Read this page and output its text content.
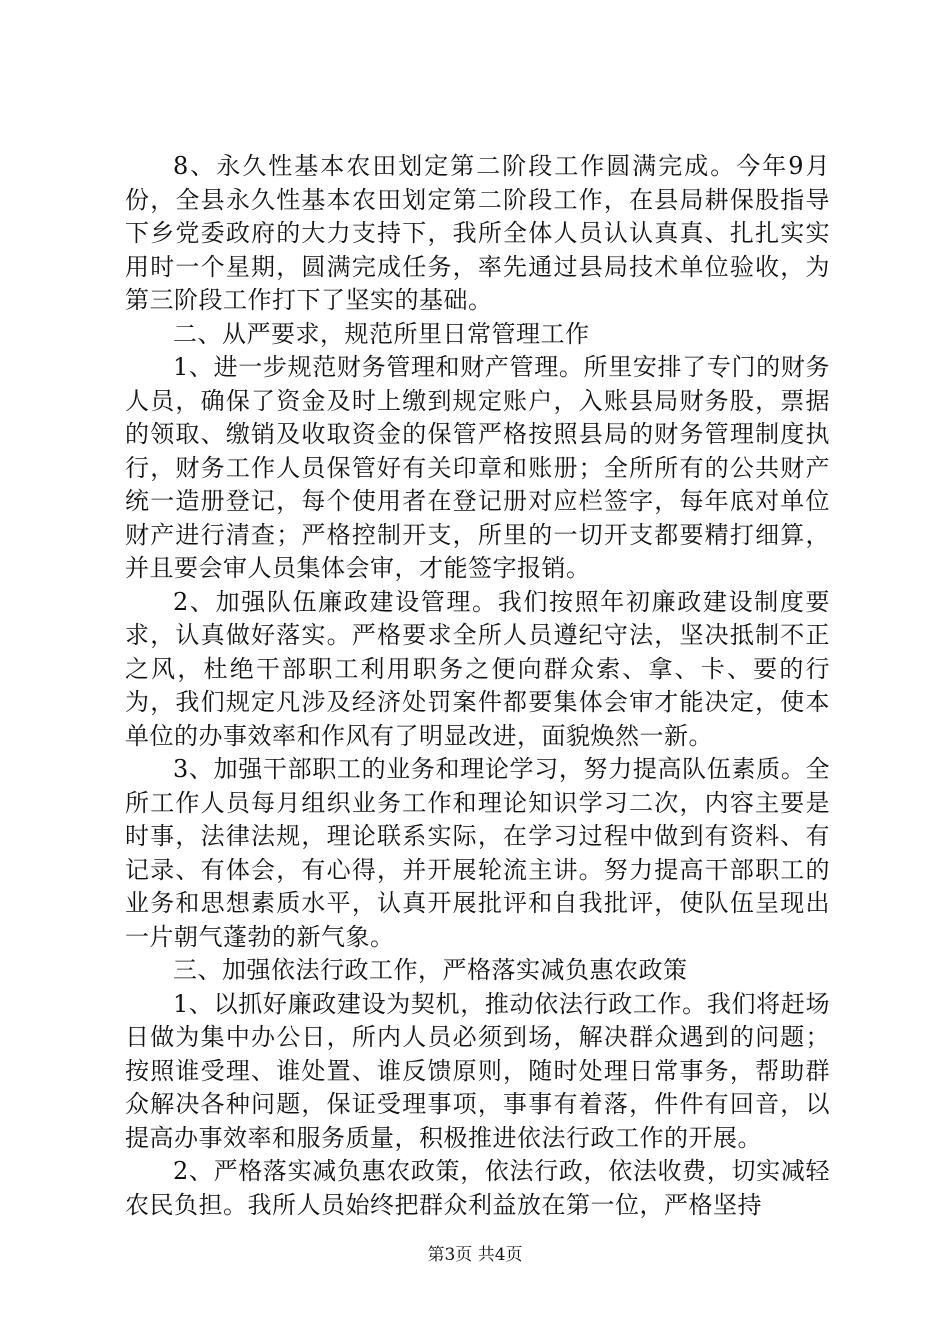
8、永久性基本农田划定第二阶段工作圆满完成。今年9月份，全县永久性基本农田划定第二阶段工作，在县局耕保股指导下乡党委政府的大力支持下，我所全体人员认认真真、扎扎实实用时一个星期，圆满完成任务，率先通过县局技术单位验收，为第三阶段工作打下了坚实的基础。

二、从严要求，规范所里日常管理工作

1、进一步规范财务管理和财产管理。所里安排了专门的财务人员，确保了资金及时上缴到规定账户，入账县局财务股，票据的领取、缴销及收取资金的保管严格按照县局的财务管理制度执行，财务工作人员保管好有关印章和账册；全所所有的公共财产统一造册登记，每个使用者在登记册对应栏签字，每年底对单位财产进行清查；严格控制开支，所里的一切开支都要精打细算，并且要会审人员集体会审，才能签字报销。

2、加强队伍廉政建设管理。我们按照年初廉政建设制度要求，认真做好落实。严格要求全所人员遵纪守法，坚决抵制不正之风，杜绝干部职工利用职务之便向群众索、拿、卡、要的行为，我们规定凡涉及经济处罚案件都要集体会审才能决定，使本单位的办事效率和作风有了明显改进，面貌焕然一新。

3、加强干部职工的业务和理论学习，努力提高队伍素质。全所工作人员每月组织业务工作和理论知识学习二次，内容主要是时事，法律法规，理论联系实际，在学习过程中做到有资料、有记录、有体会，有心得，并开展轮流主讲。努力提高干部职工的业务和思想素质水平，认真开展批评和自我批评，使队伍呈现出一片朝气蓬勃的新气象。

三、加强依法行政工作，严格落实减负惠农政策

1、以抓好廉政建设为契机，推动依法行政工作。我们将赶场日做为集中办公日，所内人员必须到场，解决群众遇到的问题；按照谁受理、谁处置、谁反馈原则，随时处理日常事务，帮助群众解决各种问题，保证受理事项，事事有着落，件件有回音，以提高办事效率和服务质量，积极推进依法行政工作的开展。

2、严格落实减负惠农政策，依法行政，依法收费，切实减轻农民负担。我所人员始终把群众利益放在第一位，严格坚持

第3页 共4页
